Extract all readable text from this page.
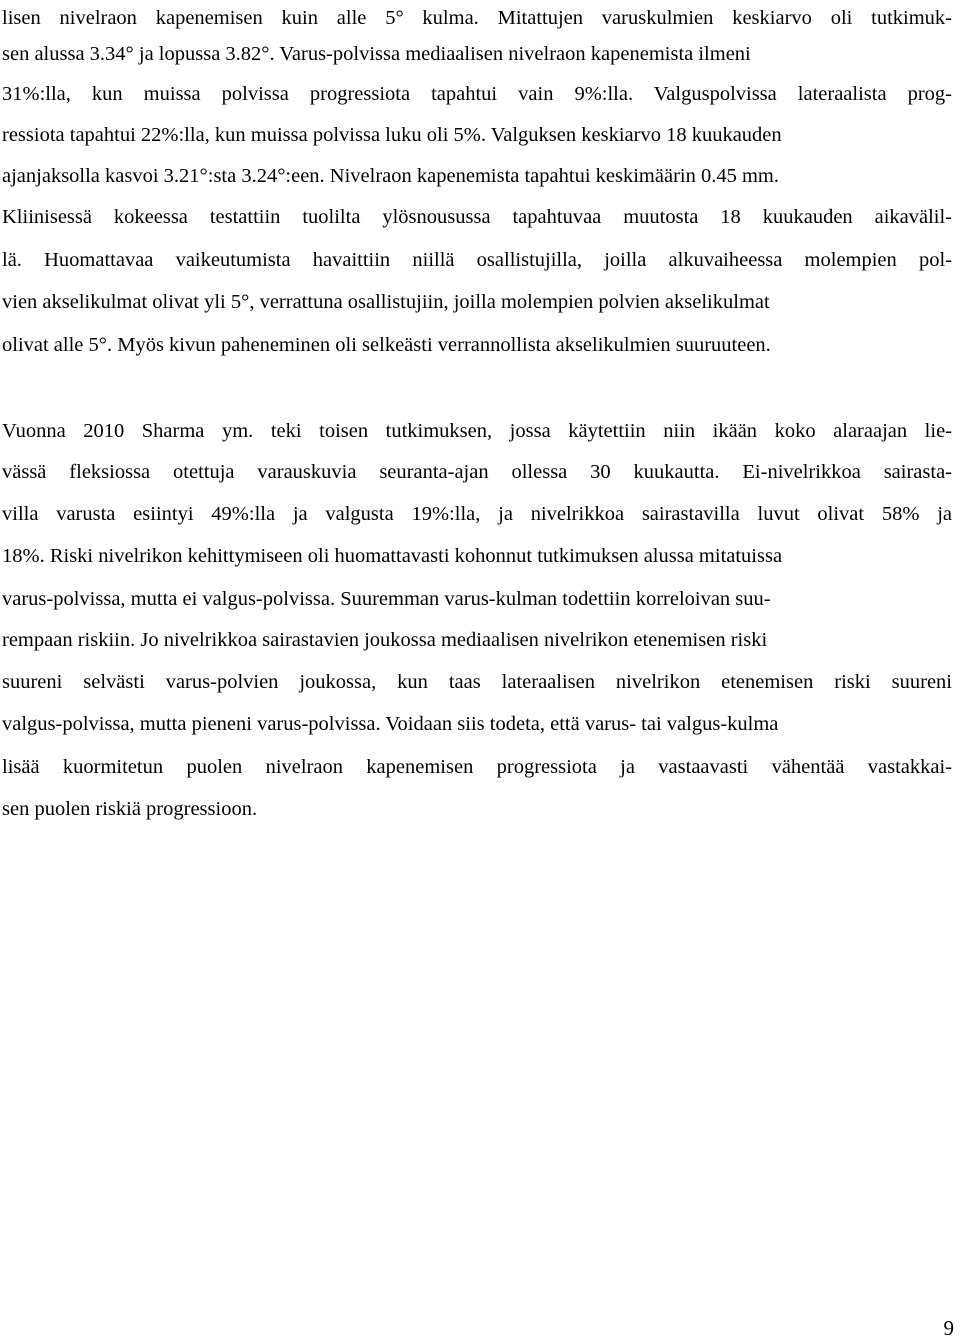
lisen nivelraon kapenemisen kuin alle 5° kulma. Mitattujen varuskulmien keskiarvo oli tutkimuk-
sen alussa 3.34° ja lopussa 3.82°. Varus-polvissa mediaalisen nivelraon kapenemista ilmeni
31%:lla, kun muissa polvissa progressiota tapahtui vain 9%:lla. Valguspolvissa lateraalista prog-
ressiota tapahtui 22%:lla, kun muissa polvissa luku oli 5%. Valguksen keskiarvo 18 kuukauden
ajanjaksolla kasvoi 3.21°:sta 3.24°:een. Nivelraon kapenemista tapahtui keskimäärin 0.45 mm.
Kliinisessä kokeessa testattiin tuolilta ylösnousussa tapahtuvaa muutosta 18 kuukauden aikavälil-
lä. Huomattavaa vaikeutumista havaittiin niillä osallistujilla, joilla alkuvaiheessa molempien pol-
vien akselikulmat olivat yli 5°, verrattuna osallistujiin, joilla molempien polvien akselikulmat
olivat alle 5°. Myös kivun paheneminen oli selkeästi verrannollista akselikulmien suuruuteen.
Vuonna 2010 Sharma ym. teki toisen tutkimuksen, jossa käytettiin niin ikään koko alaraajan lie-
vässä fleksiossa otettuja varauskuvia seuranta-ajan ollessa 30 kuukautta. Ei-nivelrikkoa sairasta-
villa varusta esiintyi 49%:lla ja valgusta 19%:lla, ja nivelrikkoa sairastavilla luvut olivat 58% ja
18%. Riski nivelrikon kehittymiseen oli huomattavasti kohonnut tutkimuksen alussa mitatuissa
varus-polvissa, mutta ei valgus-polvissa. Suuremman varus-kulman todettiin korreloivan suu-
rempaan riskiin. Jo nivelrikkoa sairastavien joukossa mediaalisen nivelrikon etenemisen riski
suureni selvästi varus-polvien joukossa, kun taas lateraalisen nivelrikon etenemisen riski suureni
valgus-polvissa, mutta pieneni varus-polvissa. Voidaan siis todeta, että varus- tai valgus-kulma
lisää kuormitetun puolen nivelraon kapenemisen progressiota ja vastaavasti vähentää vastakkai-
sen puolen riskiä progressioon.
9
